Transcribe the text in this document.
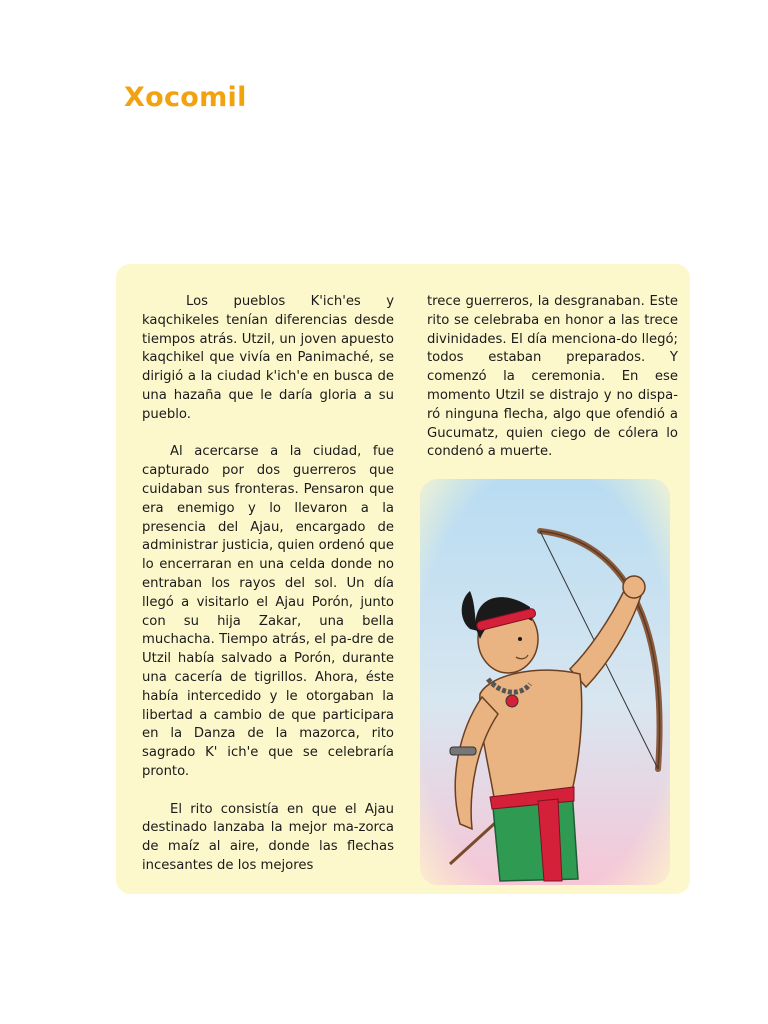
Xocomil

Los pueblos K'ich'es y kaqchikeles tenían diferencias desde tiempos atrás. Utzil, un joven apuesto kaqchikel que vivía en Panimaché, se dirigió a la ciudad k'ich'e en busca de una hazaña que le daría gloria a su pueblo.

Al acercarse a la ciudad, fue capturado por dos guerreros que cuidaban sus fronteras. Pensaron que era enemigo y lo llevaron a la presencia del Ajau, encargado de administrar justicia, quien ordenó que lo encerraran en una celda donde no entraban los rayos del sol. Un día llegó a visitarlo el Ajau Porón, junto con su hija Zakar, una bella muchacha. Tiempo atrás, el pa-dre de Utzil había salvado a Porón, durante una cacería de tigrillos. Ahora, éste había intercedido y le otorgaban la libertad a cambio de que participara en la Danza de la mazorca, rito sagrado K' ich'e que se celebraría pronto.

El rito consistía en que el Ajau destinado lanzaba la mejor ma-zorca de maíz al aire, donde las flechas incesantes de los mejores

trece guerreros, la desgranaban. Este rito se celebraba en honor a las trece divinidades. El día menciona-do llegó; todos estaban preparados. Y comenzó la ceremonia. En ese momento Utzil se distrajo y no dispa-ró ninguna flecha, algo que ofendió a Gucumatz, quien ciego de cólera lo condenó a muerte.
